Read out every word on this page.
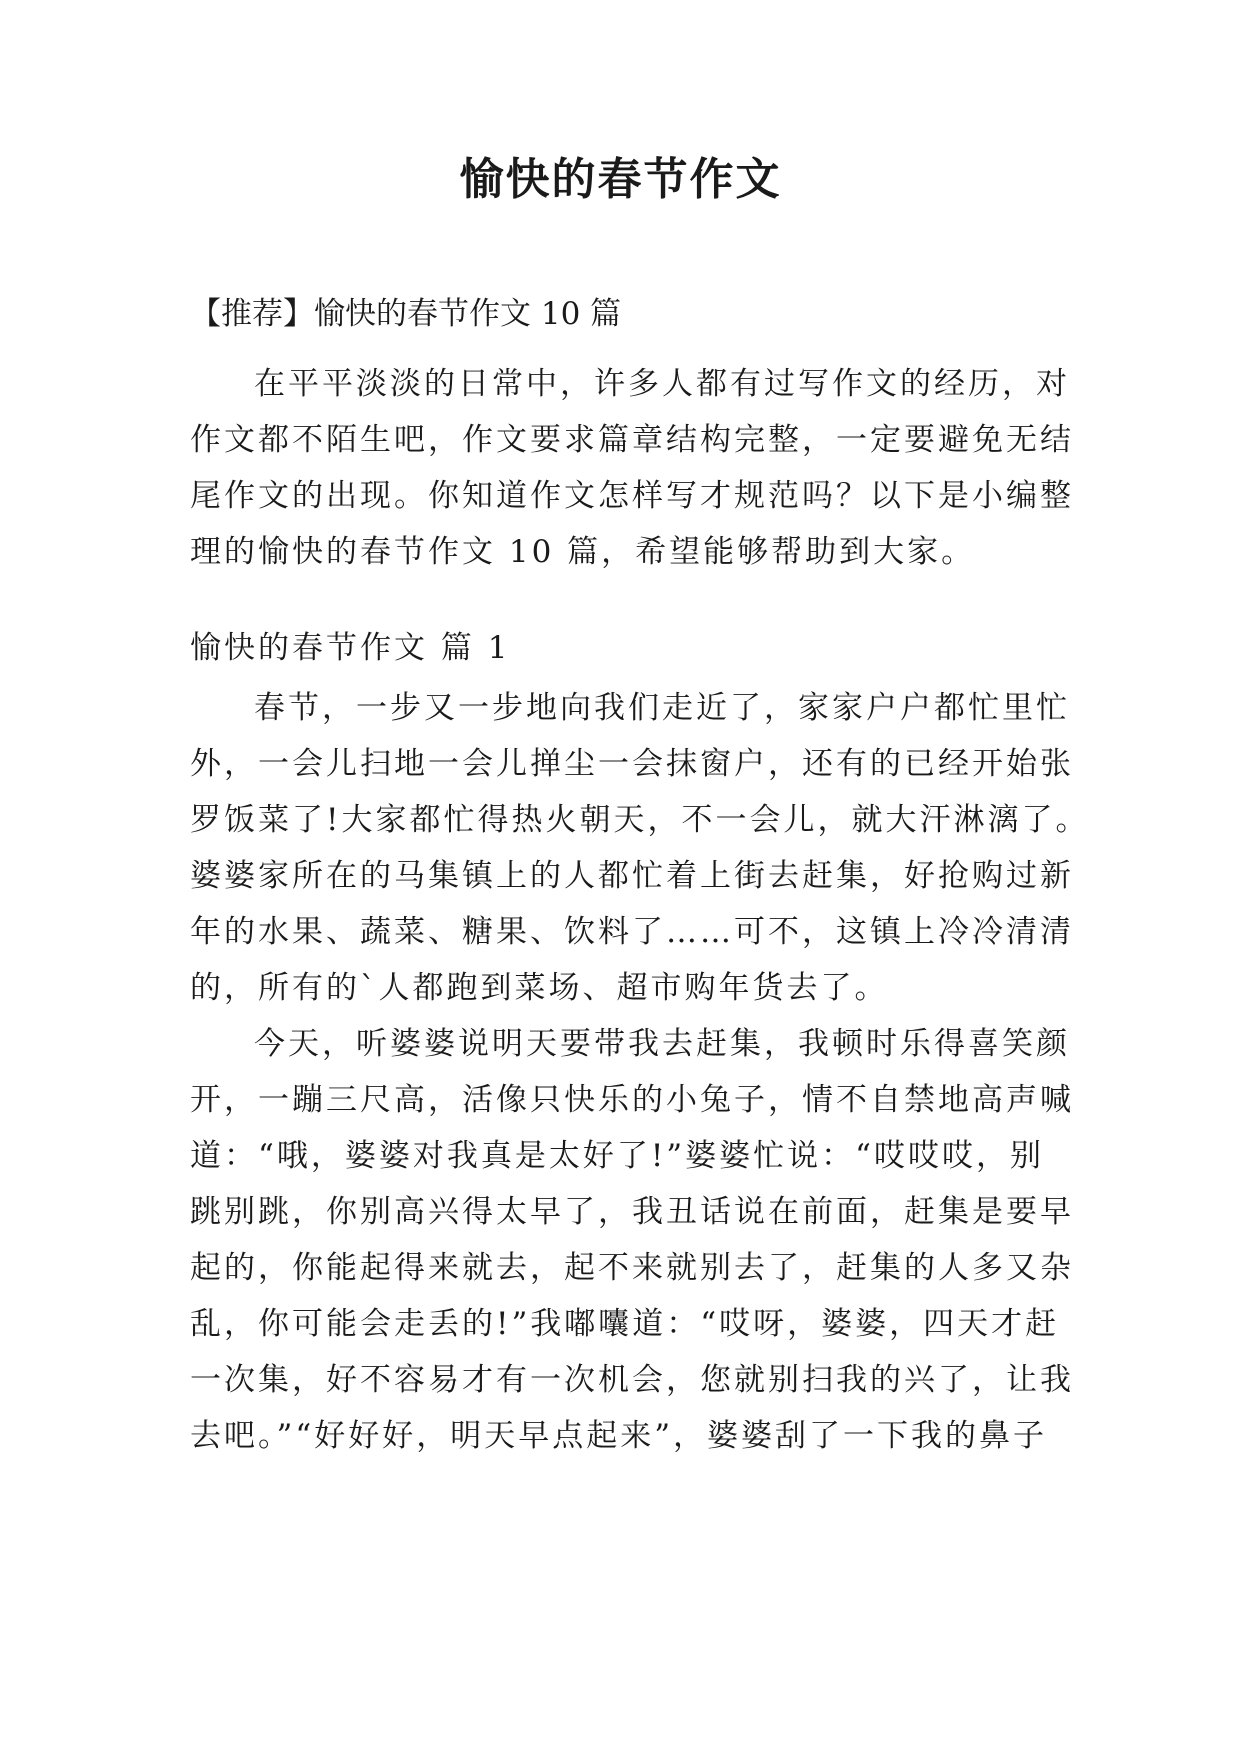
愉快的春节作文
【推荐】愉快的春节作文 10 篇
在平平淡淡的日常中，许多人都有过写作文的经历，对
作文都不陌生吧，作文要求篇章结构完整，一定要避免无结
尾作文的出现。你知道作文怎样写才规范吗？以下是小编整
理的愉快的春节作文 10 篇，希望能够帮助到大家。
愉快的春节作文 篇 1
春节，一步又一步地向我们走近了，家家户户都忙里忙
外，一会儿扫地一会儿掸尘一会抹窗户，还有的已经开始张
罗饭菜了!大家都忙得热火朝天，不一会儿，就大汗淋漓了。
婆婆家所在的马集镇上的人都忙着上街去赶集，好抢购过新
年的水果、蔬菜、糖果、饮料了……可不，这镇上冷冷清清
的，所有的`人都跑到菜场、超市购年货去了。
今天，听婆婆说明天要带我去赶集，我顿时乐得喜笑颜
开，一蹦三尺高，活像只快乐的小兔子，情不自禁地高声喊
道：“哦，婆婆对我真是太好了!”婆婆忙说：“哎哎哎，别
跳别跳，你别高兴得太早了，我丑话说在前面，赶集是要早
起的，你能起得来就去，起不来就别去了，赶集的人多又杂
乱，你可能会走丢的!”我嘟囔道：“哎呀，婆婆，四天才赶
一次集，好不容易才有一次机会，您就别扫我的兴了，让我
去吧。”“好好好，明天早点起来”，婆婆刮了一下我的鼻子
